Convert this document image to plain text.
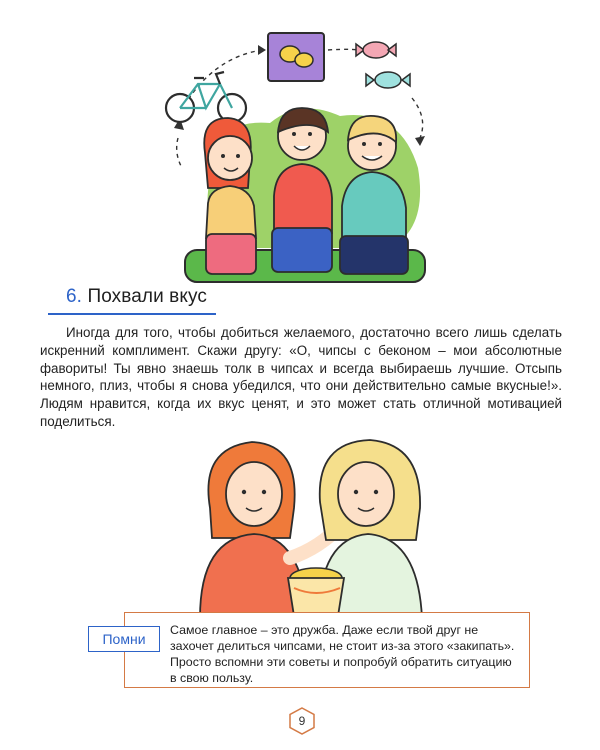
6. Похвали вкус

Иногда для того, чтобы добиться желаемого, достаточно всего лишь сделать искренний комплимент. Скажи другу: «О, чипсы с беконом – мои абсолютные фавориты! Ты явно знаешь толк в чипсах и всегда выбираешь лучшие. Отсыпь немного, плиз, чтобы я снова убедился, что они действительно самые вкусные!». Людям нравится, когда их вкус ценят, и это может стать отличной мотивацией поделиться.

Помни

Самое главное – это дружба. Даже если твой друг не захочет делиться чипсами, не стоит из-за этого «закипать». Просто вспомни эти советы и попробуй обратить ситуацию в свою пользу.

9
